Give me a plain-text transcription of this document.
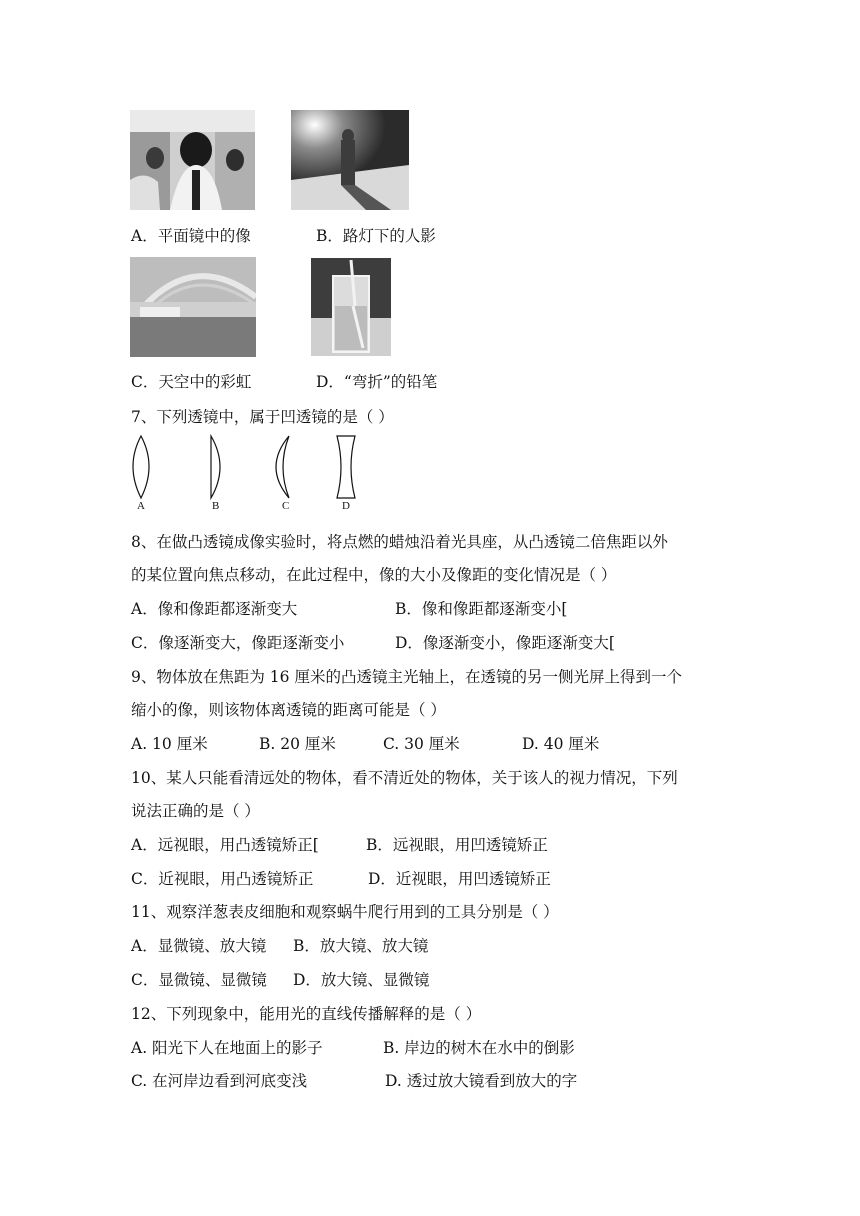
A．平面镜中的像	B．路灯下的人影
C．天空中的彩虹	D．“弯折”的铅笔
7、下列透镜中，属于凹透镜的是（ ）
A	B	C	D
8、在做凸透镜成像实验时，将点燃的蜡烛沿着光具座，从凸透镜二倍焦距以外
的某位置向焦点移动，在此过程中，像的大小及像距的变化情况是（ ）
A．像和像距都逐渐变大	B．像和像距都逐渐变小[
C．像逐渐变大，像距逐渐变小	D．像逐渐变小，像距逐渐变大[
9、物体放在焦距为 16 厘米的凸透镜主光轴上，在透镜的另一侧光屏上得到一个
缩小的像，则该物体离透镜的距离可能是（ ）
A. 10 厘米	B. 20 厘米	C. 30 厘米	D. 40 厘米
10、某人只能看清远处的物体，看不清近处的物体，关于该人的视力情况，下列
说法正确的是（ ）
A．远视眼，用凸透镜矫正[	B．远视眼，用凹透镜矫正
C．近视眼，用凸透镜矫正	D．近视眼，用凹透镜矫正
11、观察洋葱表皮细胞和观察蜗牛爬行用到的工具分别是（ ）
A．显微镜、放大镜 B．放大镜、放大镜
C．显微镜、显微镜 D．放大镜、显微镜
12、下列现象中，能用光的直线传播解释的是（ ）
A. 阳光下人在地面上的影子	B. 岸边的树木在水中的倒影
C. 在河岸边看到河底变浅	D. 透过放大镜看到放大的字
